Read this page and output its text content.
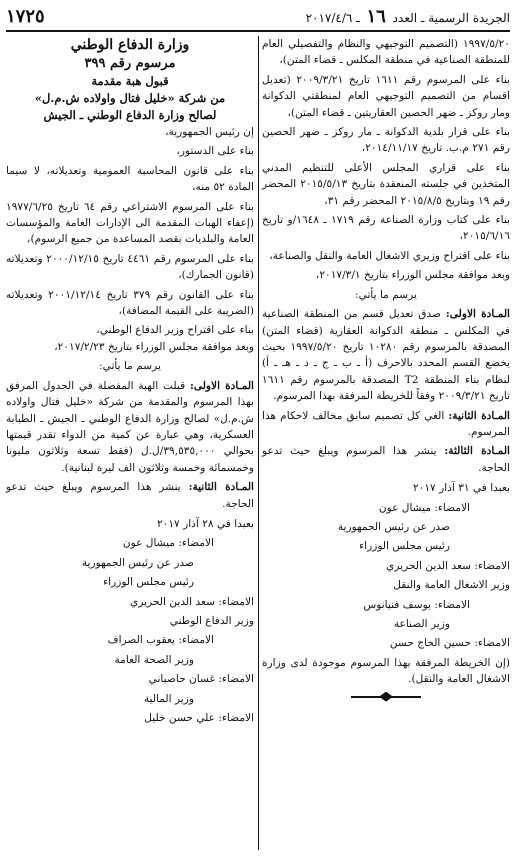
الجريدة الرسمية ـ العدد ١٦ ـ ٢٠١٧/٤/٦
١٧٢٥

١٩٩٧/٥/٢٠ (التصميم التوجيهي والنظام والتفصيلي العام للمنطقة الصناعية في منطقة المكلس ـ قضاء المتن)،

بناء على المرسوم رقم ١٦١١ تاريخ ٢٠٠٩/٣/٢١ (تعديل اقسام من التصميم التوجيهي العام لمنطقتي الدكوانة ومار روكز ـ ضهر الحصين العقاريتين ـ قضاء المتن)،

بناء على قرار بلدية الدكوانة ـ مار روكز ـ ضهر الحصين رقم ٢٧١ م.ب. تاريخ ٢٠١٤/١١/١٧،

بناء على قراري المجلس الأعلى للتنظيم المدني المتخذين في جلسته المنعقدة بتاريخ ٢٠١٥/٥/١٣ المحضر رقم ١٩ وبتاريخ ٢٠١٥/٨/٥ المحضر رقم ٣١،

بناء على كتاب وزارة الصناعة رقم ١٧١٩ ـ ١٦٤٨/و تاريخ ٢٠١٥/٦/١٦،

بناء على اقتراح وزيري الاشغال العامة والنقل والصناعة،

وبعد موافقة مجلس الوزراء بتاريخ ٢٠١٧/٣/١،

يرسم ما يأتي:

المـادة الاولى: صدق تعديل قسم من المنطقة الصناعية في المكلس ـ منطقة الدكوانة العقارية (قضاء المتن) المصدقة بالمرسوم رقم ١٠٢٨٠ تاريخ ١٩٩٧/٥/٢٠ بحيث يخضع القسم المحدد بالاحرف (أ ـ ب ـ ج ـ د ـ هـ ـ أ) لنظام بناء المنطقة T2 المصدقة بالمرسوم رقم ١٦١١ تاريخ ٢٠٠٩/٣/٢١ وفقاً للخريطة المرفقة بهذا المرسوم.

المـادة الثانية: الغي كل تصميم سابق مخالف لاحكام هذا المرسوم.

المـادة الثالثة: ينشر هذا المرسوم ويبلغ حيث تدعو الحاجة.

بعبدا في ٣١ آذار ٢٠١٧

الامضاء: ميشال عون

صدر عن رئيس الجمهورية

رئيس مجلس الوزراء

الامضاء: سعد الدين الحريري

وزير الاشغال العامة والنقل

الامضاء: يوسف فنيانوس

وزير الصناعة

الامضاء: حسين الحاج حسن

(إن الخريطة المرفقة بهذا المرسوم موجودة لدى وزارة الاشغال العامة والنقل).

وزارة الدفاع الوطني
مرسوم رقم ٣٩٩
قبول هبة مقدمة
من شركة «خليل فتال واولاده ش.م.ل»
لصالح وزارة الدفاع الوطني ـ الجيش

إن رئيس الجمهورية،

بناء على الدستور،

بناء على قانون المحاسبة العمومية وتعديلاته، لا سيما المادة ٥٢ منه،

بناء على المرسوم الاشتراعي رقم ٦٤ تاريخ ١٩٧٧/٦/٢٥ (إعفاء الهبات المقدمة الى الإدارات العامة والمؤسسات العامة والبلديات بقصد المساعدة من جميع الرسوم)،

بناء على المرسوم رقم ٤٤٦١ تاريخ ٢٠٠٠/١٢/١٥ وتعديلاته (قانون الجمارك)،

بناء على القانون رقم ٣٧٩ تاريخ ٢٠٠١/١٢/١٤ وتعديلاته (الضريبة على القيمة المضافة)،

بناء على اقتراح وزير الدفاع الوطني،

وبعد موافقة مجلس الوزراء بتاريخ ٢٠١٧/٢/٢٣،

يرسم ما يأتي:

المـادة الاولى: قبلت الهبة المفصلة في الجدول المرفق بهذا المرسوم والمقدمة من شركة «خليل فتال واولاده ش.م.ل» لصالح وزارة الدفاع الوطني ـ الجيش ـ الطبابة العسكرية، وهي عبارة عن كمية من الدواء تقدر قيمتها بحوالي ٣٩,٥٣٥,٠٠٠/ل.ل (فقط تسعة وثلاثون مليونا وخمسمائة وخمسة وثلاثون الف ليرة لبنانية).

المـادة الثانية: ينشر هذا المرسوم ويبلغ حيث تدعو الحاجة.

بعبدا في ٢٨ آذار ٢٠١٧

الامضاء: ميشال عون

صدر عن رئيس الجمهورية

رئيس مجلس الوزراء

الامضاء: سعد الدين الحريري

وزير الدفاع الوطني

الامضاء: يعقوب الصراف

وزير الصحة العامة

الامضاء: غسان حاصباني

وزير المالية

الامضاء: علي حسن خليل
